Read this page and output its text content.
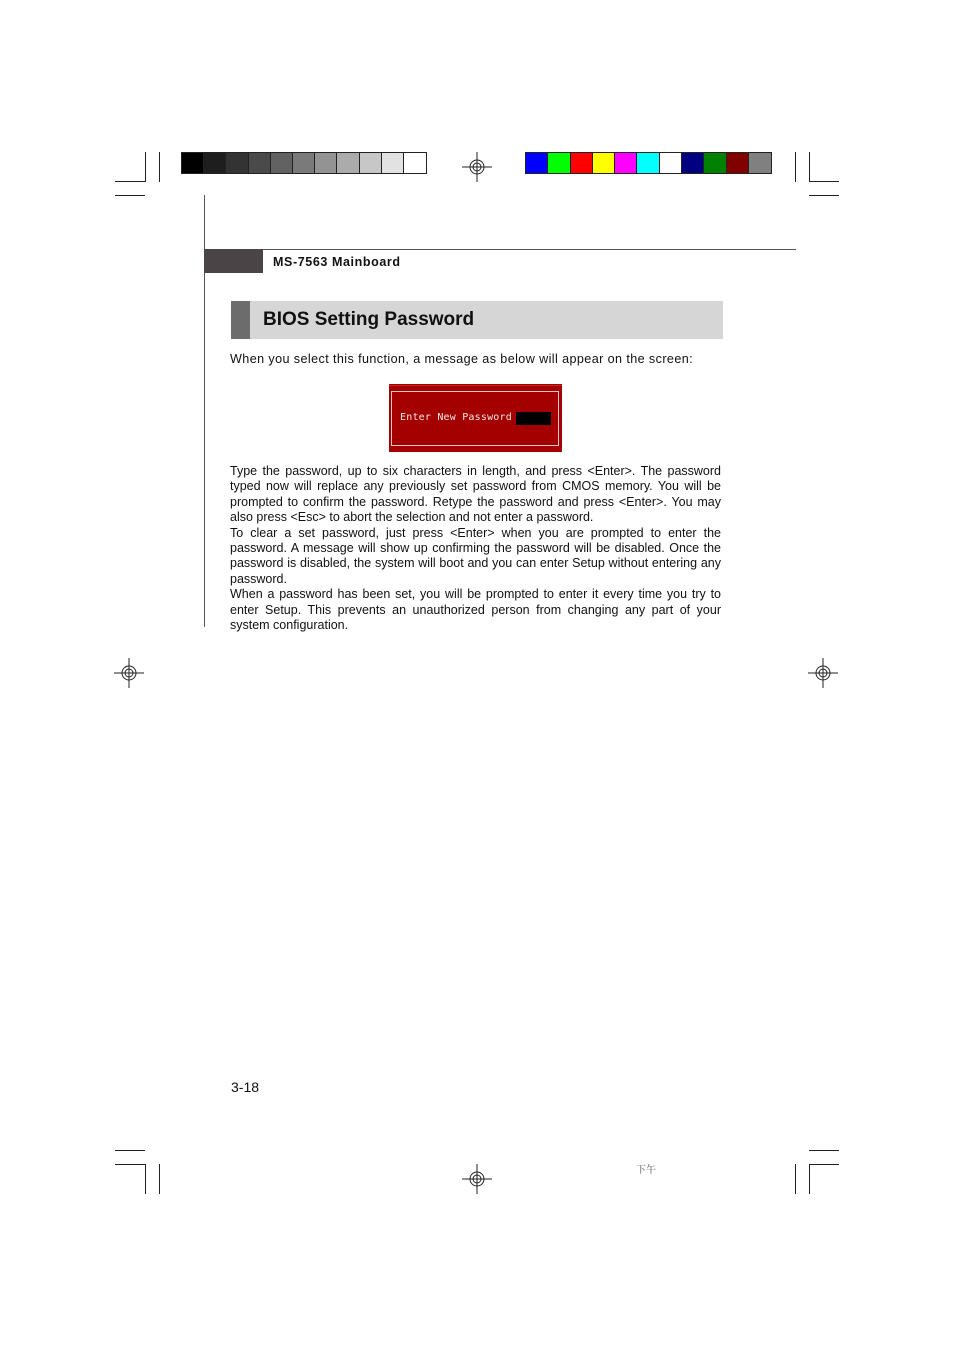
MS-7563 Mainboard
BIOS Setting Password
When you select this function, a message as below will appear on the screen:
Enter New Password

Type the password, up to six characters in length, and press <Enter>. The password typed now will replace any previously set password from CMOS memory. You will be prompted to confirm the password. Retype the password and press <Enter>. You may also press <Esc> to abort the selection and not enter a password.

To clear a set password, just press <Enter> when you are prompted to enter the password. A message will show up confirming the password will be disabled. Once the password is disabled, the system will boot and you can enter Setup without entering any password.

When a password has been set, you will be prompted to enter it every time you try to enter Setup. This prevents an unauthorized person from changing any part of your system configuration.

3-18
下午
